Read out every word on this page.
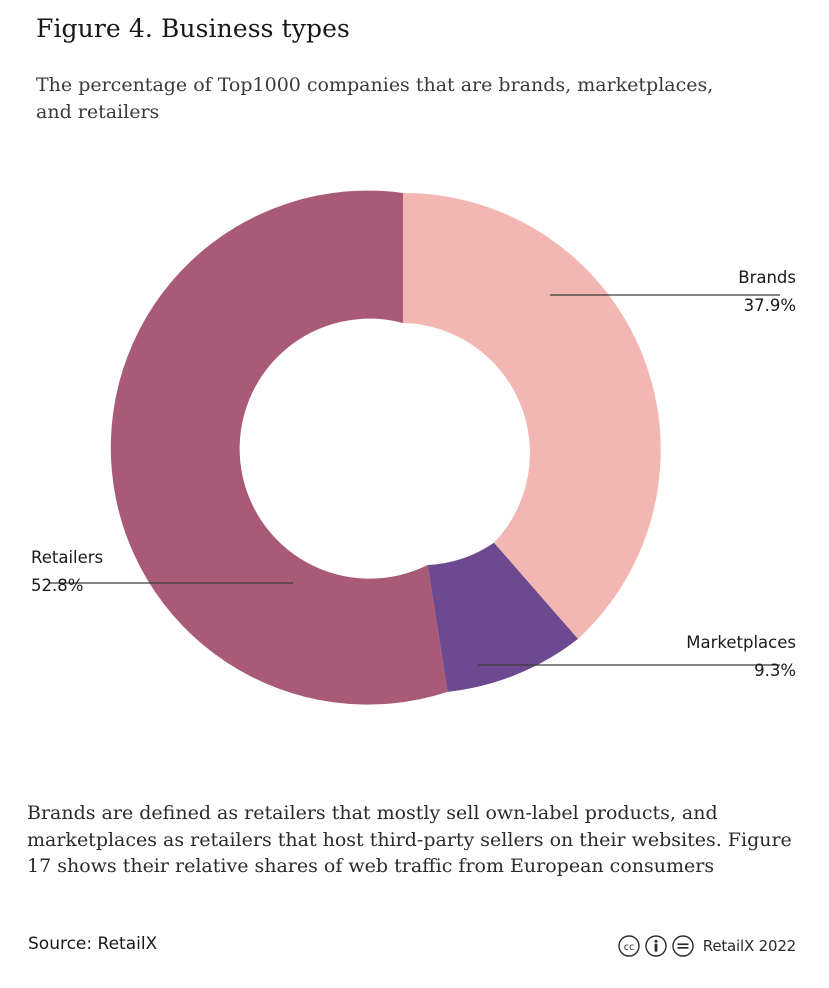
Figure 4. Business types
The percentage of Top1000 companies that are brands, marketplaces, and retailers
Brands
37.9%
Marketplaces
9.3%
Retailers
52.8%
Brands are defined as retailers that mostly sell own-label products, and marketplaces as retailers that host third-party sellers on their websites. Figure 17 shows their relative shares of web traffic from European consumers
Source: RetailX	cc	RetailX 2022
